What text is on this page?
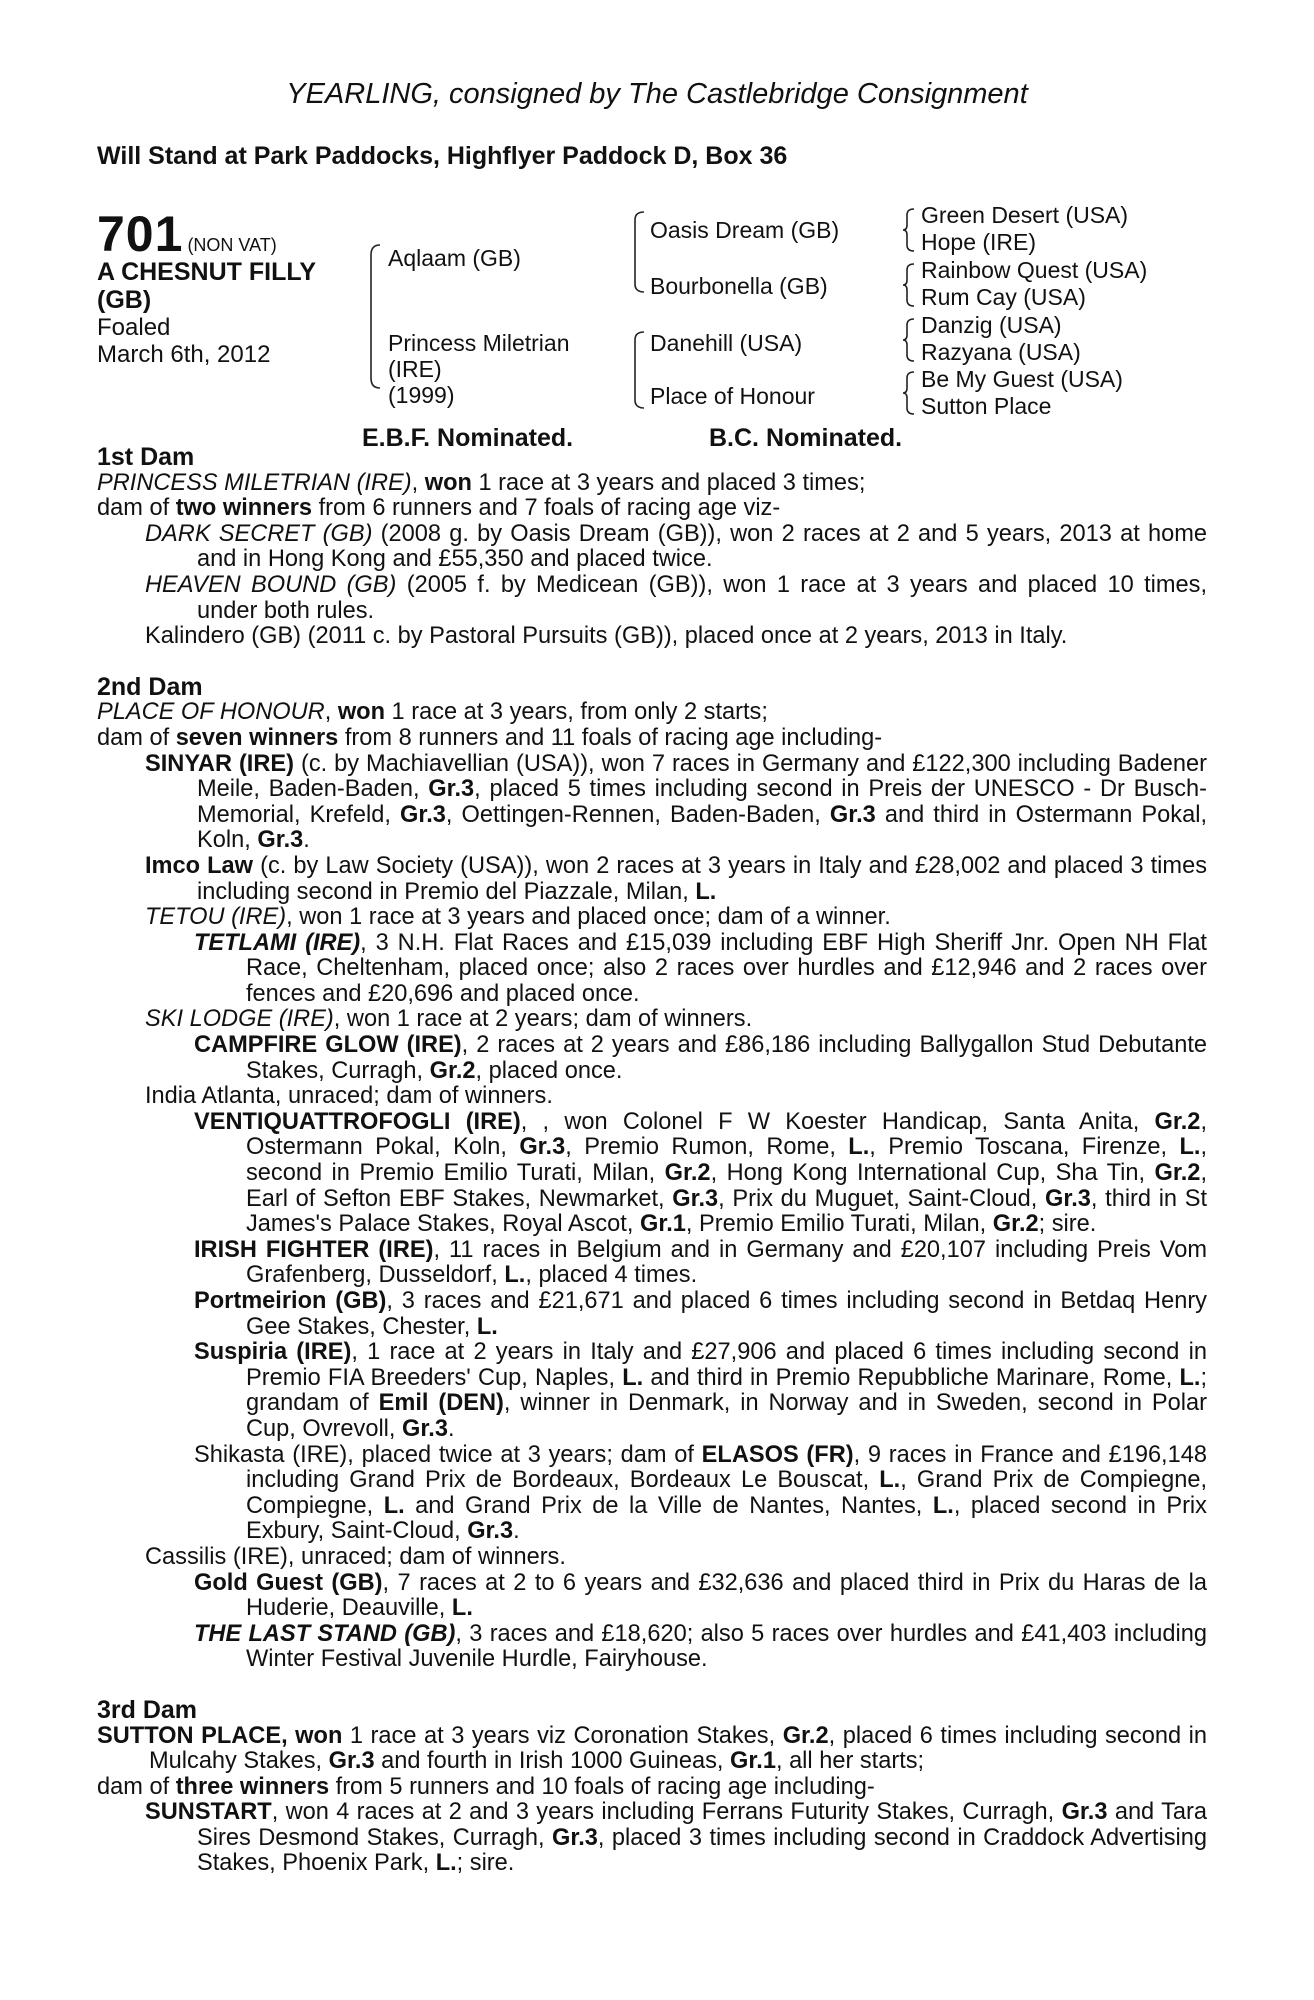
YEARLING, consigned by The Castlebridge Consignment
Will Stand at Park Paddocks, Highflyer Paddock D, Box 36
701 (NON VAT)
A CHESNUT FILLY
(GB)
Foaled
March 6th, 2012
Aqlaam (GB)
Princess Miletrian
(IRE)
(1999)
Oasis Dream (GB)
Bourbonella (GB)
Danehill (USA)
Place of Honour
Green Desert (USA)
Hope (IRE)
Rainbow Quest (USA)
Rum Cay (USA)
Danzig (USA)
Razyana (USA)
Be My Guest (USA)
Sutton Place
E.B.F. Nominated.	B.C. Nominated.

1st Dam

PRINCESS MILETRIAN (IRE), won 1 race at 3 years and placed 3 times;

dam of two winners from 6 runners and 7 foals of racing age viz-

DARK SECRET (GB) (2008 g. by Oasis Dream (GB)), won 2 races at 2 and 5 years, 2013 at home and in Hong Kong and £55,350 and placed twice.

HEAVEN BOUND (GB) (2005 f. by Medicean (GB)), won 1 race at 3 years and placed 10 times, under both rules.

Kalindero (GB) (2011 c. by Pastoral Pursuits (GB)), placed once at 2 years, 2013 in Italy.

2nd Dam

PLACE OF HONOUR, won 1 race at 3 years, from only 2 starts;

dam of seven winners from 8 runners and 11 foals of racing age including-

SINYAR (IRE) (c. by Machiavellian (USA)), won 7 races in Germany and £122,300 including Badener Meile, Baden-Baden, Gr.3, placed 5 times including second in Preis der UNESCO - Dr Busch-Memorial, Krefeld, Gr.3, Oettingen-Rennen, Baden-Baden, Gr.3 and third in Ostermann Pokal, Koln, Gr.3.

Imco Law (c. by Law Society (USA)), won 2 races at 3 years in Italy and £28,002 and placed 3 times including second in Premio del Piazzale, Milan, L.

TETOU (IRE), won 1 race at 3 years and placed once; dam of a winner.

TETLAMI (IRE), 3 N.H. Flat Races and £15,039 including EBF High Sheriff Jnr. Open NH Flat Race, Cheltenham, placed once; also 2 races over hurdles and £12,946 and 2 races over fences and £20,696 and placed once.

SKI LODGE (IRE), won 1 race at 2 years; dam of winners.

CAMPFIRE GLOW (IRE), 2 races at 2 years and £86,186 including Ballygallon Stud Debutante Stakes, Curragh, Gr.2, placed once.

India Atlanta, unraced; dam of winners.

VENTIQUATTROFOGLI (IRE), , won Colonel F W Koester Handicap, Santa Anita, Gr.2, Ostermann Pokal, Koln, Gr.3, Premio Rumon, Rome, L., Premio Toscana, Firenze, L., second in Premio Emilio Turati, Milan, Gr.2, Hong Kong International Cup, Sha Tin, Gr.2, Earl of Sefton EBF Stakes, Newmarket, Gr.3, Prix du Muguet, Saint-Cloud, Gr.3, third in St James's Palace Stakes, Royal Ascot, Gr.1, Premio Emilio Turati, Milan, Gr.2; sire.

IRISH FIGHTER (IRE), 11 races in Belgium and in Germany and £20,107 including Preis Vom Grafenberg, Dusseldorf, L., placed 4 times.

Portmeirion (GB), 3 races and £21,671 and placed 6 times including second in Betdaq Henry Gee Stakes, Chester, L.

Suspiria (IRE), 1 race at 2 years in Italy and £27,906 and placed 6 times including second in Premio FIA Breeders' Cup, Naples, L. and third in Premio Repubbliche Marinare, Rome, L.; grandam of Emil (DEN), winner in Denmark, in Norway and in Sweden, second in Polar Cup, Ovrevoll, Gr.3.

Shikasta (IRE), placed twice at 3 years; dam of ELASOS (FR), 9 races in France and £196,148 including Grand Prix de Bordeaux, Bordeaux Le Bouscat, L., Grand Prix de Compiegne, Compiegne, L. and Grand Prix de la Ville de Nantes, Nantes, L., placed second in Prix Exbury, Saint-Cloud, Gr.3.

Cassilis (IRE), unraced; dam of winners.

Gold Guest (GB), 7 races at 2 to 6 years and £32,636 and placed third in Prix du Haras de la Huderie, Deauville, L.

THE LAST STAND (GB), 3 races and £18,620; also 5 races over hurdles and £41,403 including Winter Festival Juvenile Hurdle, Fairyhouse.

3rd Dam

SUTTON PLACE, won 1 race at 3 years viz Coronation Stakes, Gr.2, placed 6 times including second in Mulcahy Stakes, Gr.3 and fourth in Irish 1000 Guineas, Gr.1, all her starts;

dam of three winners from 5 runners and 10 foals of racing age including-

SUNSTART, won 4 races at 2 and 3 years including Ferrans Futurity Stakes, Curragh, Gr.3 and Tara Sires Desmond Stakes, Curragh, Gr.3, placed 3 times including second in Craddock Advertising Stakes, Phoenix Park, L.; sire.
